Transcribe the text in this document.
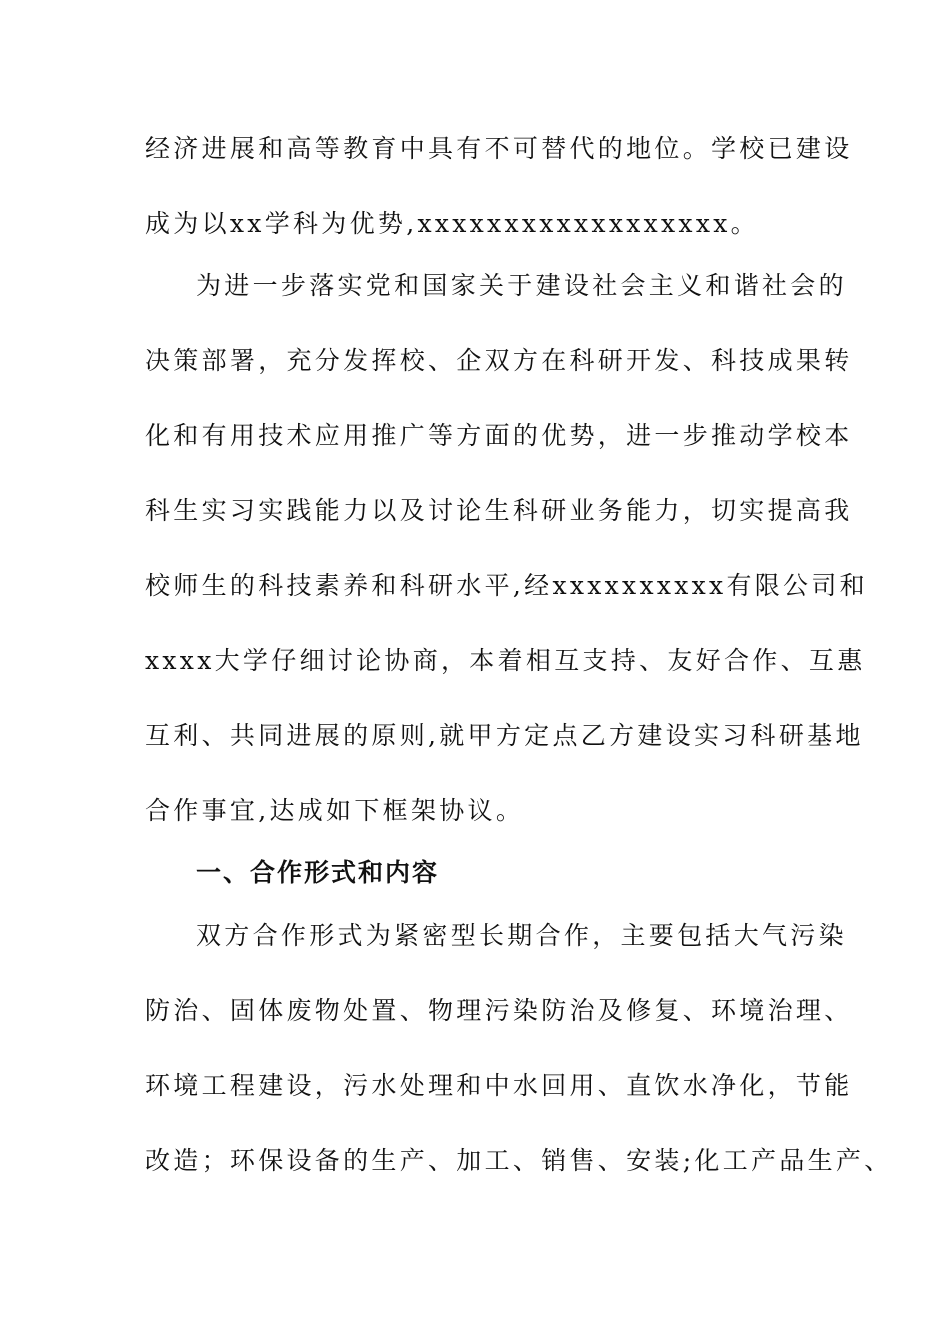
经济进展和高等教育中具有不可替代的地位。学校已建设

成为以xx学科为优势,xxxxxxxxxxxxxxxxxx。

为进一步落实党和国家关于建设社会主义和谐社会的

决策部署，充分发挥校、企双方在科研开发、科技成果转

化和有用技术应用推广等方面的优势，进一步推动学校本

科生实习实践能力以及讨论生科研业务能力，切实提高我

校师生的科技素养和科研水平,经xxxxxxxxxx有限公司和

xxxx大学仔细讨论协商，本着相互支持、友好合作、互惠

互利、共同进展的原则,就甲方定点乙方建设实习科研基地

合作事宜,达成如下框架协议。

一、合作形式和内容

双方合作形式为紧密型长期合作，主要包括大气污染

防治、固体废物处置、物理污染防治及修复、环境治理、

环境工程建设，污水处理和中水回用、直饮水净化，节能

改造；环保设备的生产、加工、销售、安装;化工产品生产、
